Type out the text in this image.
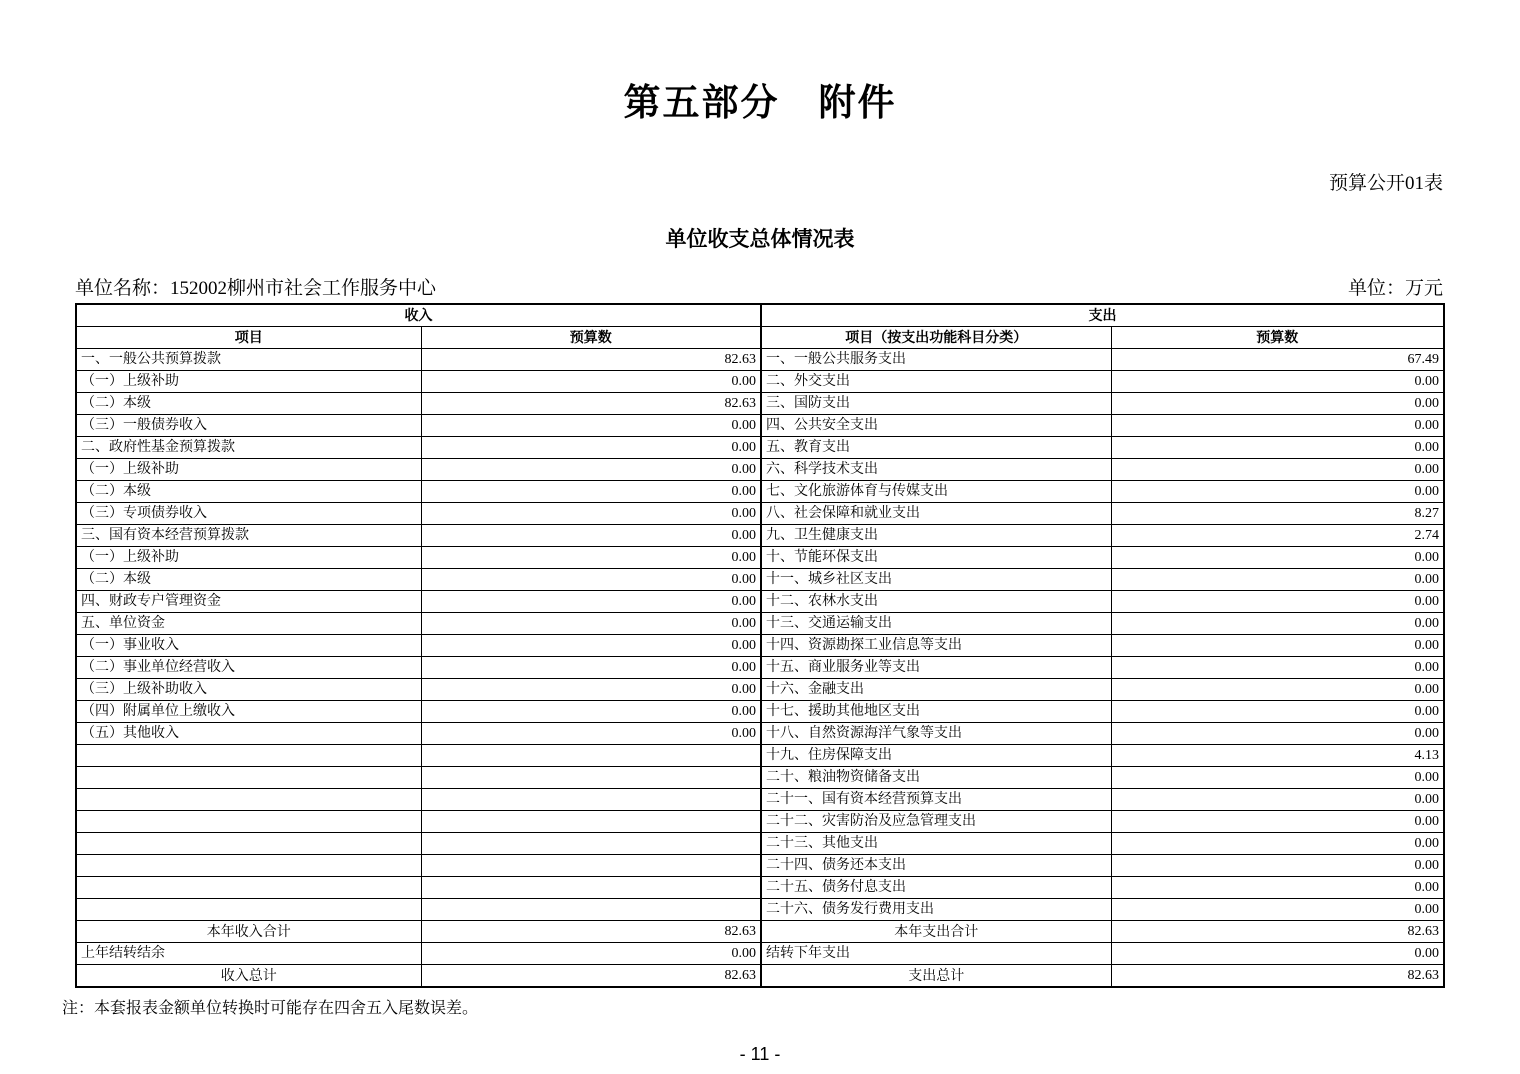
第五部分　附件
预算公开01表
单位收支总体情况表
单位名称：152002柳州市社会工作服务中心	单位：万元
收入		支出	
项目	预算数	项目（按支出功能科目分类）	预算数
一、一般公共预算拨款	82.63	一、一般公共服务支出	67.49
（一）上级补助	0.00	二、外交支出	0.00
（二）本级	82.63	三、国防支出	0.00
（三）一般债券收入	0.00	四、公共安全支出	0.00
二、政府性基金预算拨款	0.00	五、教育支出	0.00
（一）上级补助	0.00	六、科学技术支出	0.00
（二）本级	0.00	七、文化旅游体育与传媒支出	0.00
（三）专项债券收入	0.00	八、社会保障和就业支出	8.27
三、国有资本经营预算拨款	0.00	九、卫生健康支出	2.74
（一）上级补助	0.00	十、节能环保支出	0.00
（二）本级	0.00	十一、城乡社区支出	0.00
四、财政专户管理资金	0.00	十二、农林水支出	0.00
五、单位资金	0.00	十三、交通运输支出	0.00
（一）事业收入	0.00	十四、资源勘探工业信息等支出	0.00
（二）事业单位经营收入	0.00	十五、商业服务业等支出	0.00
（三）上级补助收入	0.00	十六、金融支出	0.00
（四）附属单位上缴收入	0.00	十七、援助其他地区支出	0.00
（五）其他收入	0.00	十八、自然资源海洋气象等支出	0.00
		十九、住房保障支出	4.13
		二十、粮油物资储备支出	0.00
		二十一、国有资本经营预算支出	0.00
		二十二、灾害防治及应急管理支出	0.00
		二十三、其他支出	0.00
		二十四、债务还本支出	0.00
		二十五、债务付息支出	0.00
		二十六、债务发行费用支出	0.00
本年收入合计	82.63	本年支出合计	82.63
上年结转结余	0.00	结转下年支出	0.00
收入总计	82.63	支出总计	82.63
注：本套报表金额单位转换时可能存在四舍五入尾数误差。
- 11 -
